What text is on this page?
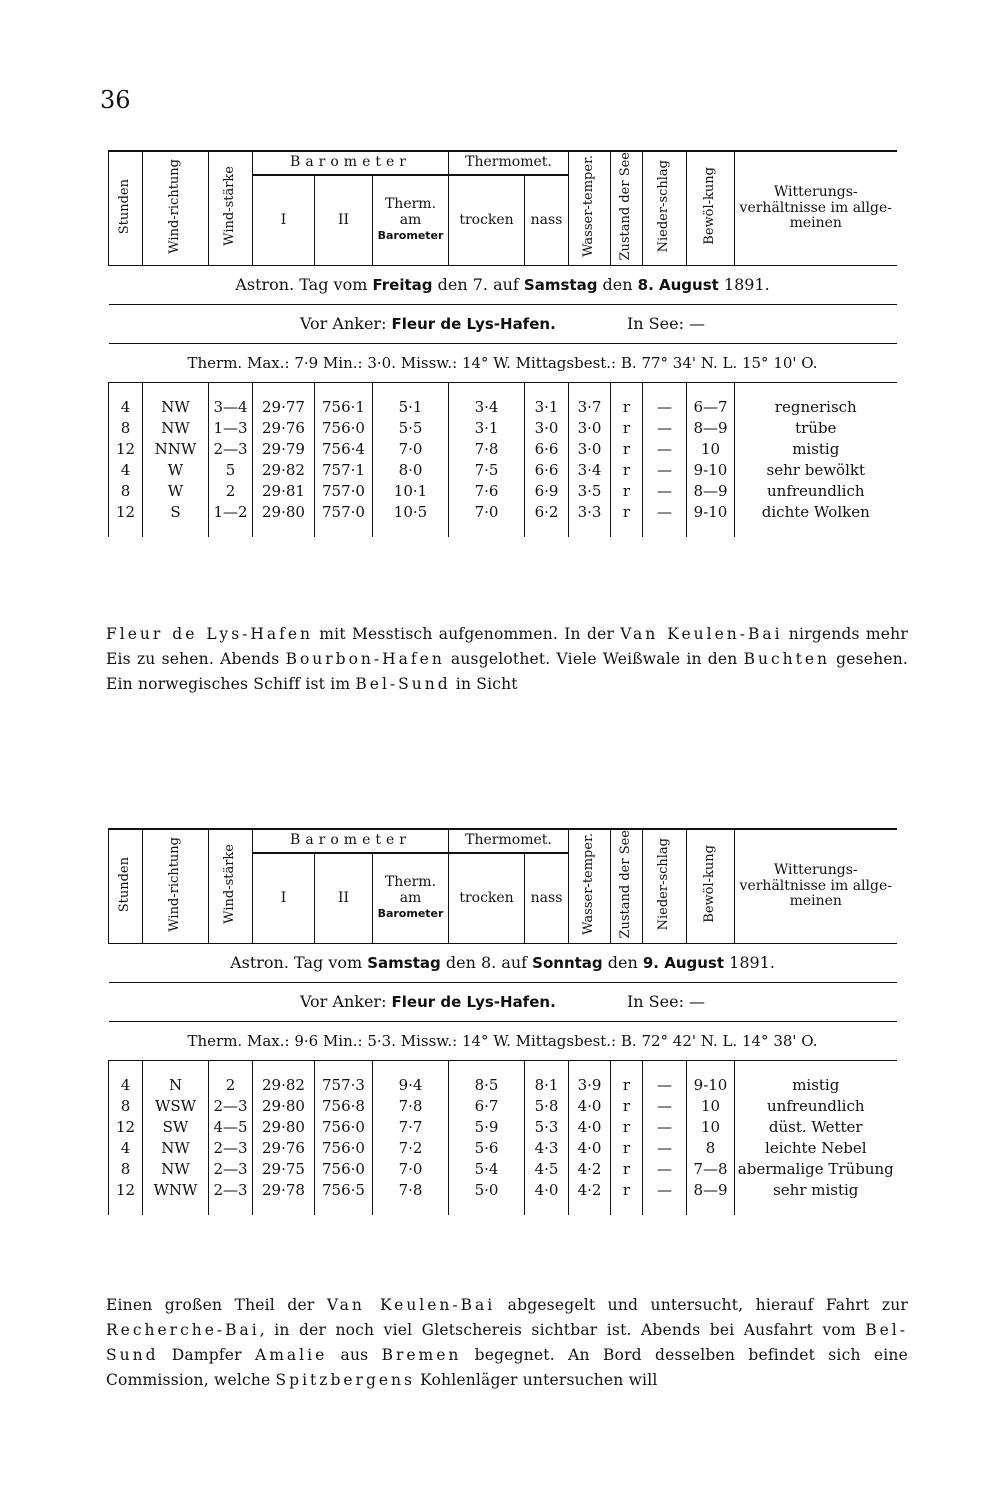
36
Stunden	Wind-richtung	Wind-stärke	Barometer			Thermomet.		Wasser-temper.	Zustand der See	Nieder-schlag	Bewöl-kung	Witterungs-verhältnisse im allge-meinen
			I	II	Therm.
am
Barometer	trocken	nass					
Astron. Tag vom Freitag den 7. auf Samstag den 8. August 1891.												
Vor Anker: Fleur de Lys-Hafen. In See: —												
Therm. Max.: 7·9 Min.: 3·0. Missw.: 14° W. Mittagsbest.: B. 77° 34' N. L. 15° 10' O.												

4	NW	3—4	29·77	756·1	5·1	3·4	3·1	3·7	r	—	6—7	regnerisch
8	NW	1—3	29·76	756·0	5·5	3·1	3·0	3·0	r	—	8—9	trübe
12	NNW	2—3	29·79	756·4	7·0	7·8	6·6	3·0	r	—	10	mistig
4	W	5	29·82	757·1	8·0	7·5	6·6	3·4	r	—	9-10	sehr bewölkt
8	W	2	29·81	757·0	10·1	7·6	6·9	3·5	r	—	8—9	unfreundlich
12	S	1—2	29·80	757·0	10·5	7·0	6·2	3·3	r	—	9-10	dichte Wolken

Fleur de Lys-Hafen mit Messtisch aufgenommen. In der Van Keulen-Bai nirgends mehr Eis zu sehen. Abends Bourbon-Hafen ausgelothet. Viele Weißwale in den Buchten gesehen. Ein norwegisches Schiff ist im Bel-Sund in Sicht
Stunden	Wind-richtung	Wind-stärke	Barometer			Thermomet.		Wasser-temper.	Zustand der See	Nieder-schlag	Bewöl-kung	Witterungs-verhältnisse im allge-meinen
			I	II	Therm.
am
Barometer	trocken	nass					
Astron. Tag vom Samstag den 8. auf Sonntag den 9. August 1891.												
Vor Anker: Fleur de Lys-Hafen. In See: —												
Therm. Max.: 9·6 Min.: 5·3. Missw.: 14° W. Mittagsbest.: B. 72° 42' N. L. 14° 38' O.												

4	N	2	29·82	757·3	9·4	8·5	8·1	3·9	r	—	9-10	mistig
8	WSW	2—3	29·80	756·8	7·8	6·7	5·8	4·0	r	—	10	unfreundlich
12	SW	4—5	29·80	756·0	7·7	5·9	5·3	4·0	r	—	10	düst. Wetter
4	NW	2—3	29·76	756·0	7·2	5·6	4·3	4·0	r	—	8	leichte Nebel
8	NW	2—3	29·75	756·0	7·0	5·4	4·5	4·2	r	—	7—8	abermalige Trübung
12	WNW	2—3	29·78	756·5	7·8	5·0	4·0	4·2	r	—	8—9	sehr mistig

Einen großen Theil der Van Keulen-Bai abgesegelt und untersucht, hierauf Fahrt zur Recherche-Bai, in der noch viel Gletschereis sichtbar ist. Abends bei Ausfahrt vom Bel-Sund Dampfer Amalie aus Bremen begegnet. An Bord desselben befindet sich eine Commission, welche Spitzbergens Kohlenläger untersuchen will
